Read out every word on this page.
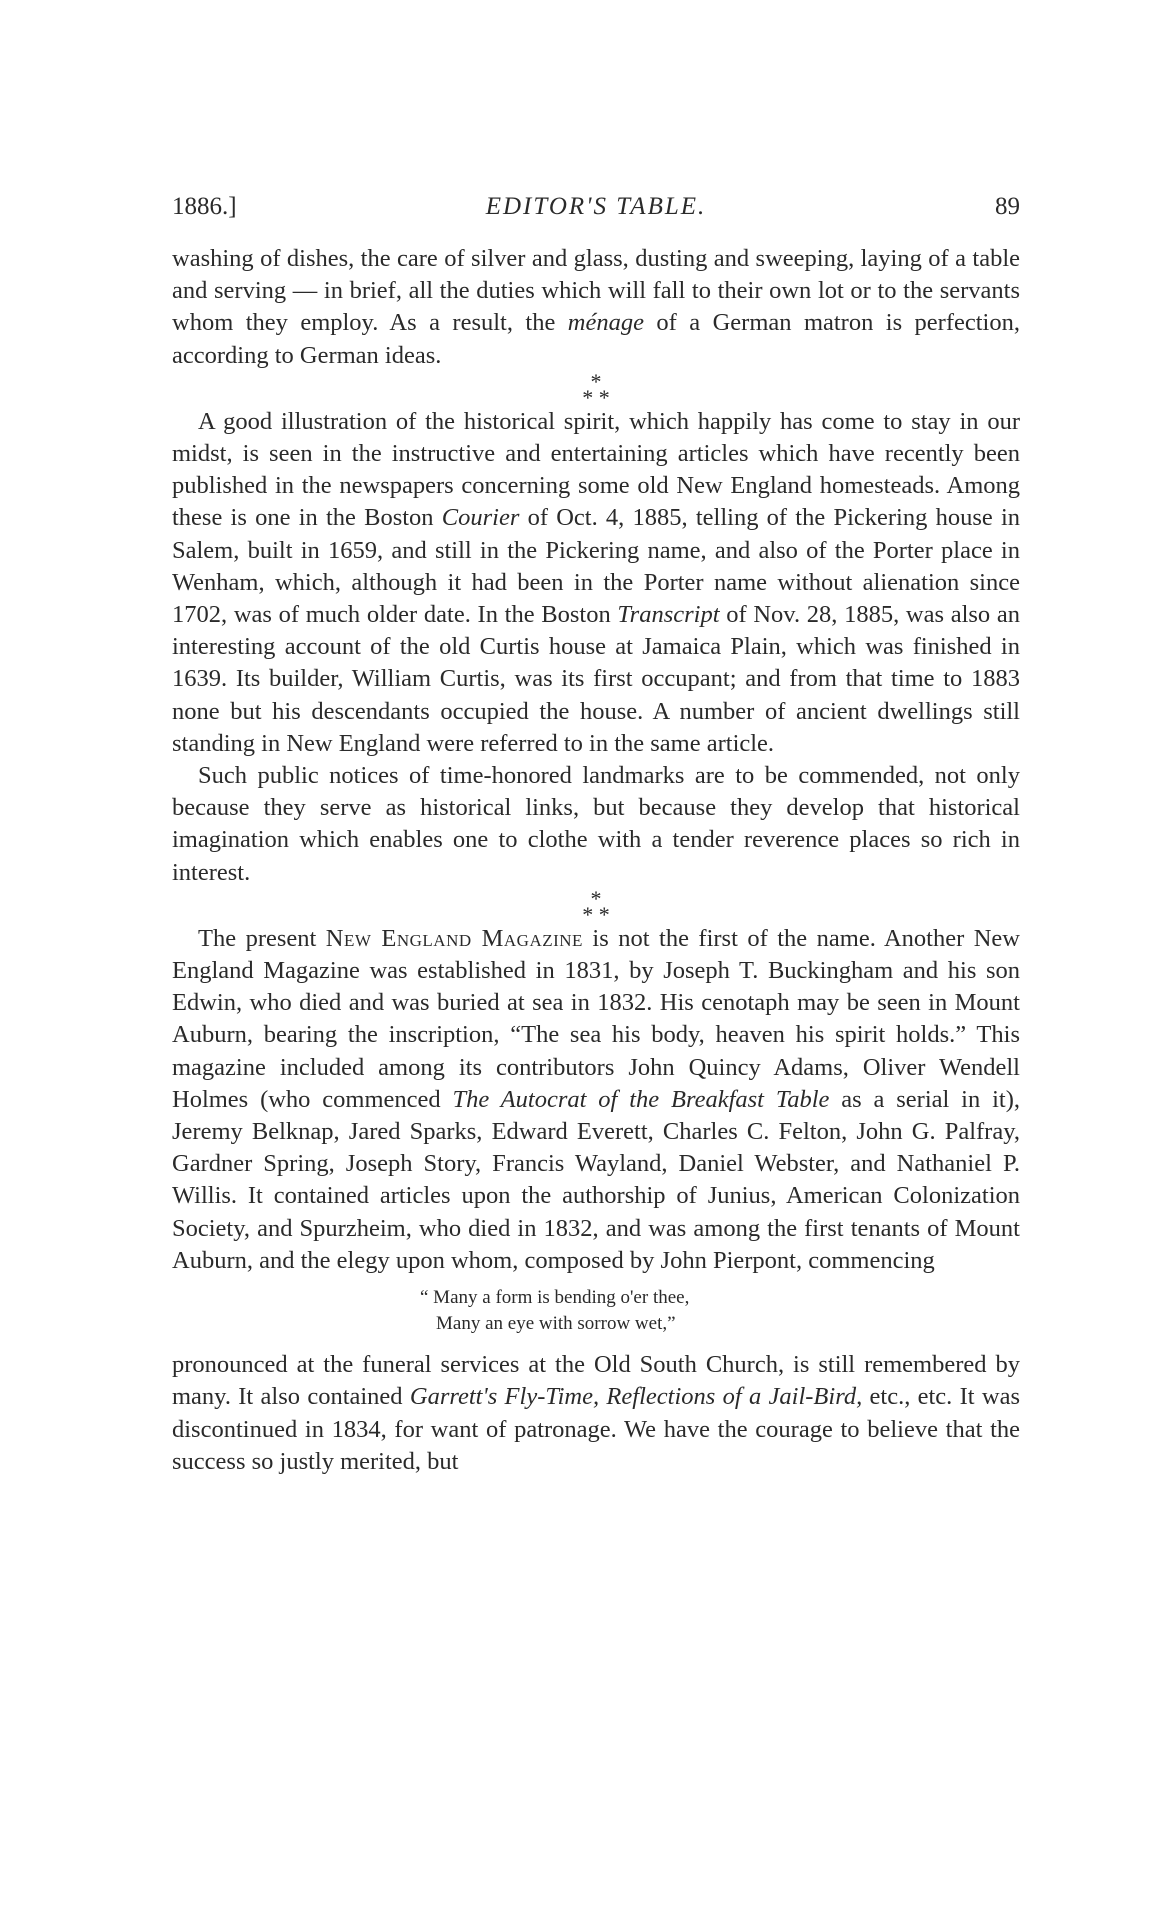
1886.]	EDITOR'S TABLE.	89

washing of dishes, the care of silver and glass, dusting and sweeping, laying of a table and serving — in brief, all the duties which will fall to their own lot or to the servants whom they employ. As a result, the ménage of a German matron is perfection, according to German ideas.

*
* *

A good illustration of the historical spirit, which happily has come to stay in our midst, is seen in the instructive and entertaining articles which have recently been published in the newspapers concerning some old New England homesteads. Among these is one in the Boston Courier of Oct. 4, 1885, telling of the Pickering house in Salem, built in 1659, and still in the Pickering name, and also of the Porter place in Wenham, which, although it had been in the Porter name without alienation since 1702, was of much older date. In the Boston Transcript of Nov. 28, 1885, was also an interesting account of the old Curtis house at Jamaica Plain, which was finished in 1639. Its builder, William Curtis, was its first occupant; and from that time to 1883 none but his descendants occupied the house. A number of ancient dwellings still standing in New England were referred to in the same article.

Such public notices of time-honored landmarks are to be commended, not only because they serve as historical links, but because they develop that historical imagination which enables one to clothe with a tender reverence places so rich in interest.

*
* *

The present New England Magazine is not the first of the name. Another New England Magazine was established in 1831, by Joseph T. Buckingham and his son Edwin, who died and was buried at sea in 1832. His cenotaph may be seen in Mount Auburn, bearing the inscription, “The sea his body, heaven his spirit holds.” This magazine included among its contributors John Quincy Adams, Oliver Wendell Holmes (who commenced The Autocrat of the Breakfast Table as a serial in it), Jeremy Belknap, Jared Sparks, Edward Everett, Charles C. Felton, John G. Palfray, Gardner Spring, Joseph Story, Francis Wayland, Daniel Webster, and Nathaniel P. Willis. It contained articles upon the authorship of Junius, American Colonization Society, and Spurzheim, who died in 1832, and was among the first tenants of Mount Auburn, and the elegy upon whom, composed by John Pierpont, commencing

“ Many a form is bending o'er thee,
Many an eye with sorrow wet,”

pronounced at the funeral services at the Old South Church, is still remembered by many. It also contained Garrett's Fly-Time, Reflections of a Jail-Bird, etc., etc. It was discontinued in 1834, for want of patronage. We have the courage to believe that the success so justly merited, but
